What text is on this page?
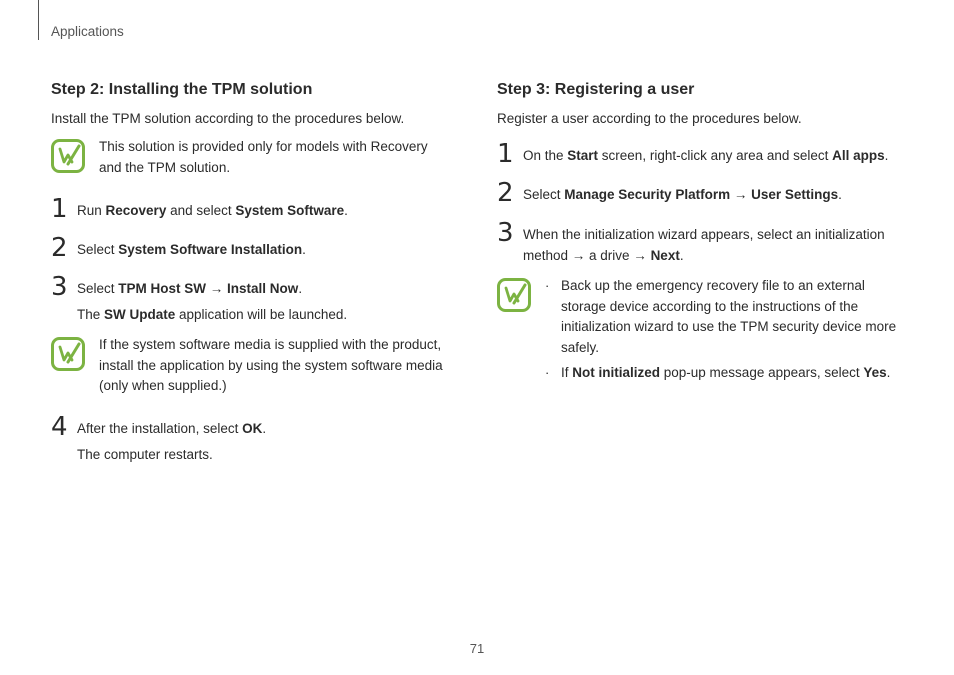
Applications
Step 2: Installing the TPM solution
Install the TPM solution according to the procedures below.
This solution is provided only for models with Recovery
and the TPM solution.
1 Run Recovery and select System Software.
2 Select System Software Installation.
3 Select TPM Host SW → Install Now.
The SW Update application will be launched.
If the system software media is supplied with the product,
install the application by using the system software media
(only when supplied.)
4 After the installation, select OK.
The computer restarts.
Step 3: Registering a user
Register a user according to the procedures below.
1 On the Start screen, right-click any area and select All apps.
2 Select Manage Security Platform → User Settings.
3 When the initialization wizard appears, select an initialization
method → a drive → Next.
· Back up the emergency recovery file to an external
storage device according to the instructions of the
initialization wizard to use the TPM security device more
safely.
· If Not initialized pop-up message appears, select Yes.
71
